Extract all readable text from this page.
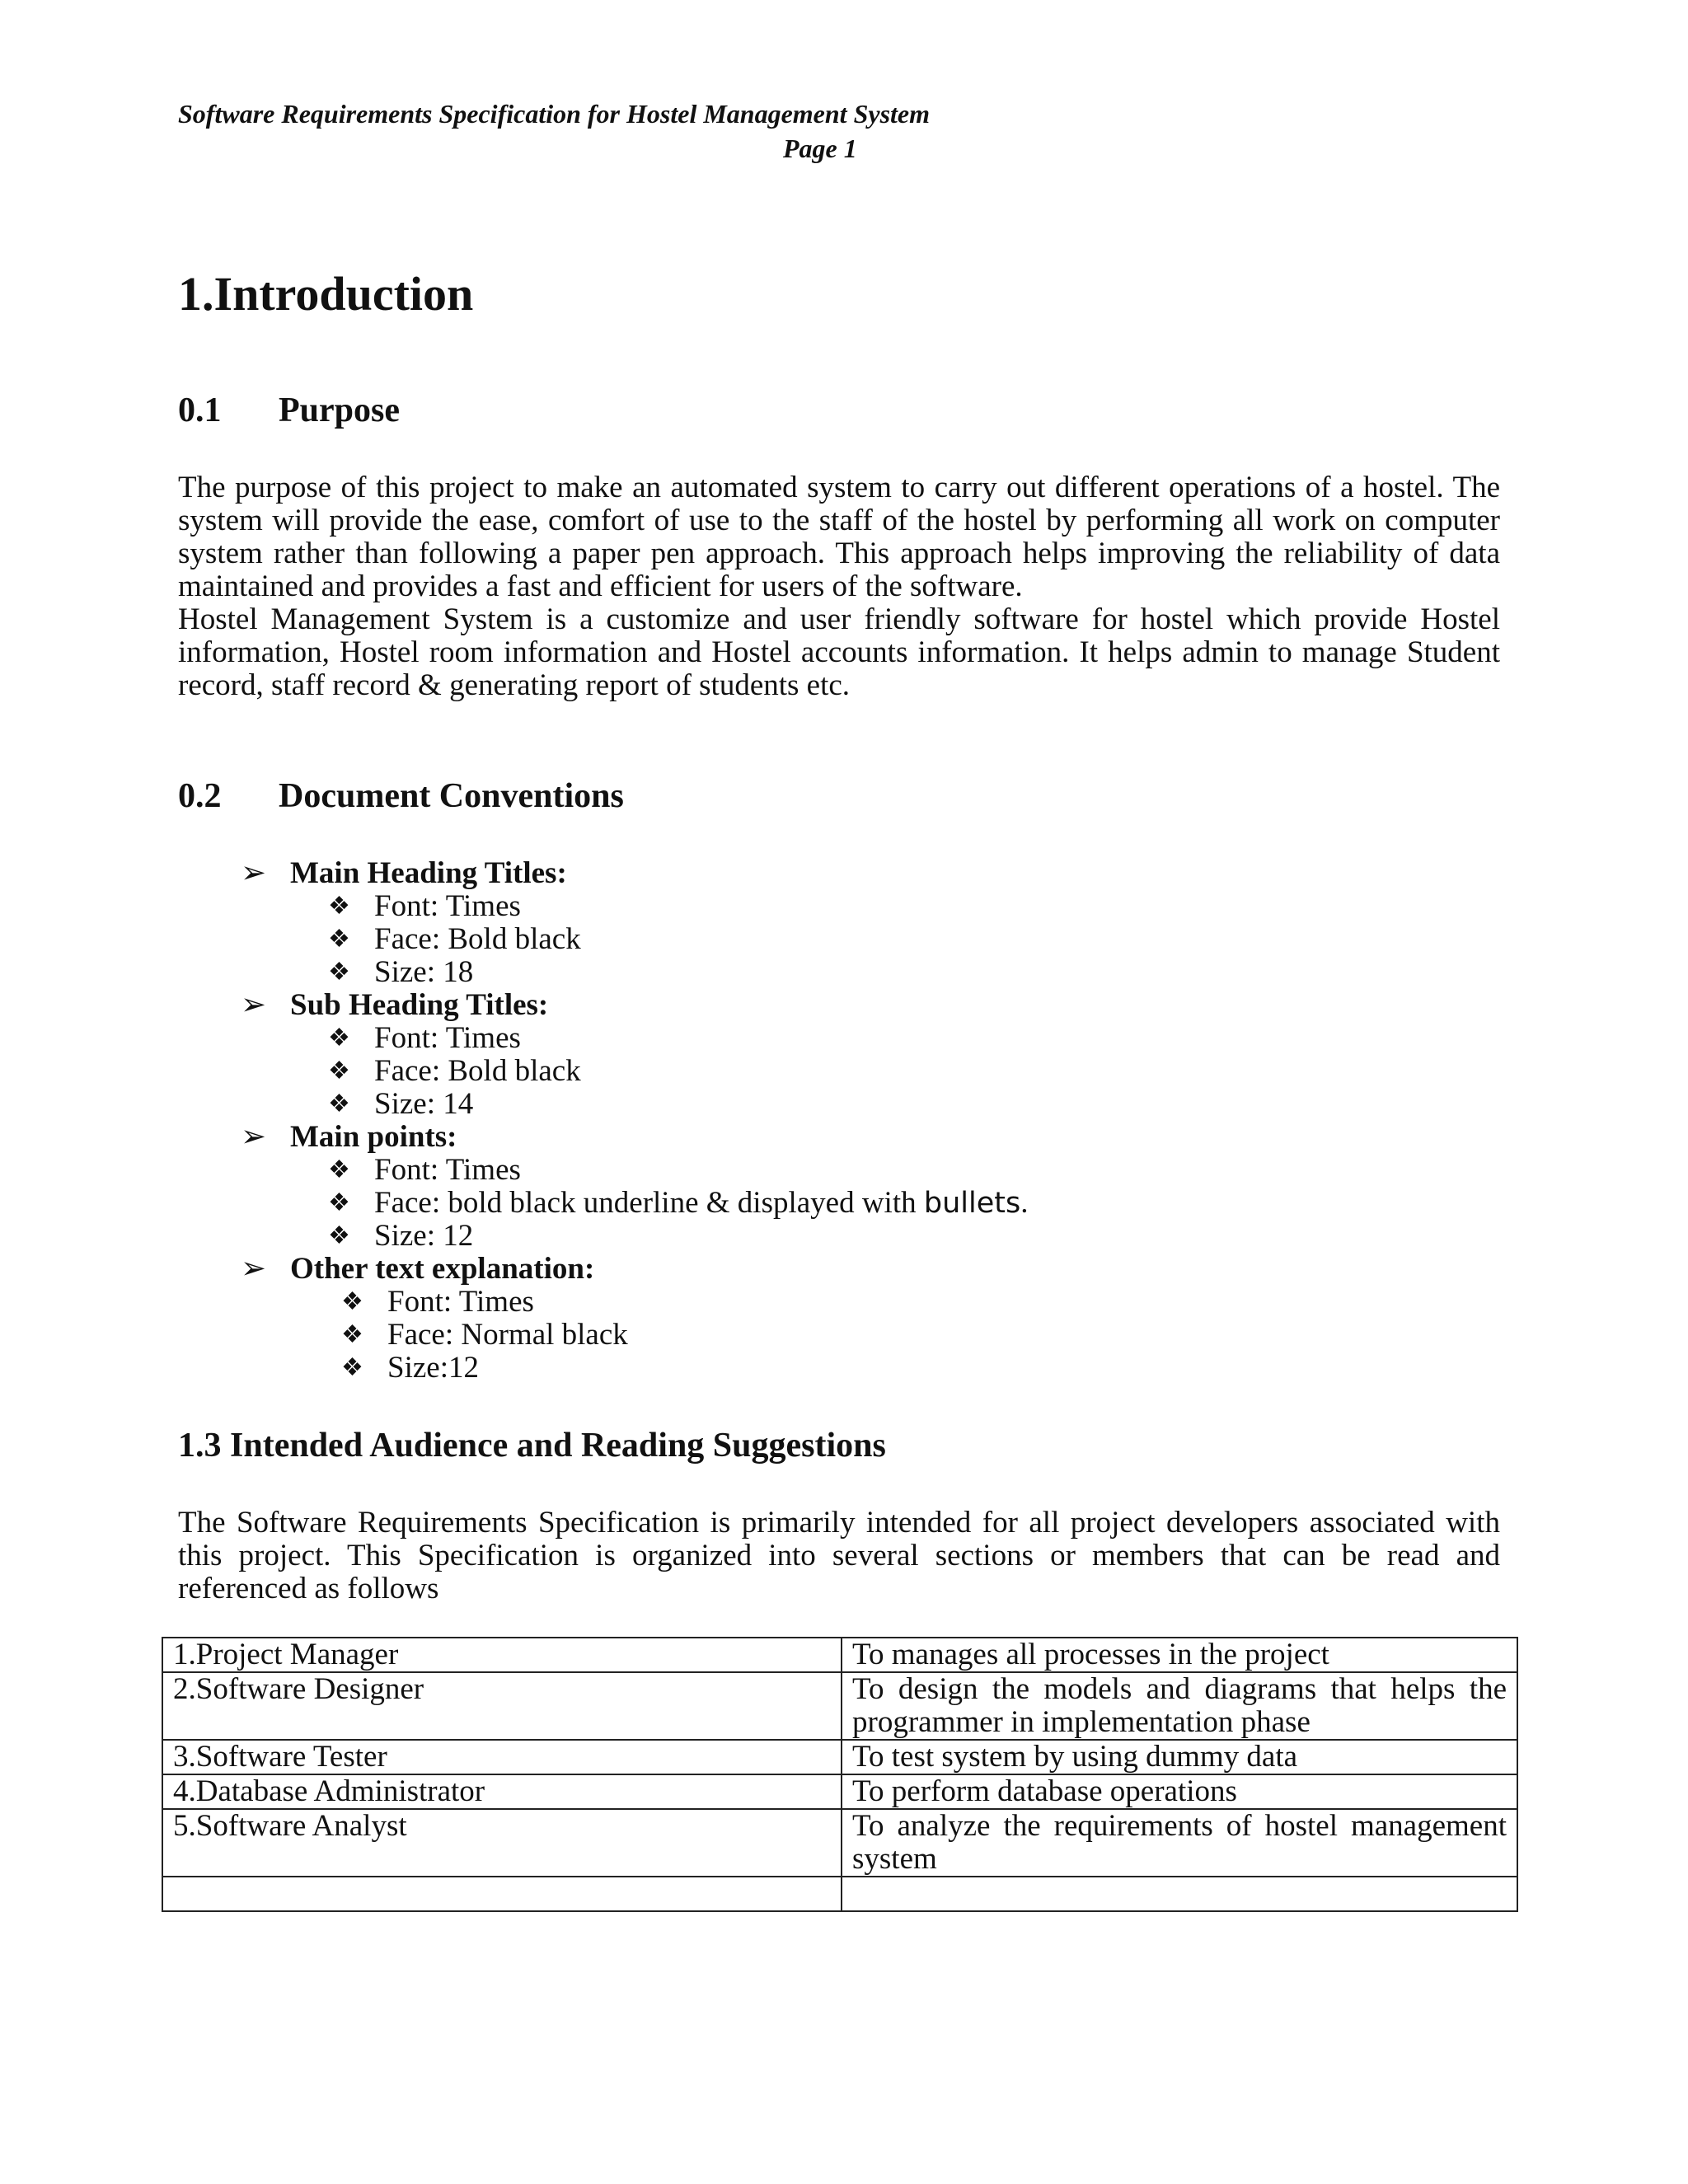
Software Requirements Specification for Hostel Management System
Page 1
1.Introduction
0.1 Purpose

The purpose of this project to make an automated system to carry out different operations of a hostel. The system will provide the ease, comfort of use to the staff of the hostel by performing all work on computer system rather than following a paper pen approach. This approach helps improving the reliability of data maintained and provides a fast and efficient for users of the software.

Hostel Management System is a customize and user friendly software for hostel which provide Hostel information, Hostel room information and Hostel accounts information. It helps admin to manage Student record, staff record & generating report of students etc.

0.2 Document Conventions
➢ Main Heading Titles:
❖ Font: Times
❖ Face: Bold black
❖ Size: 18
➢ Sub Heading Titles:
❖ Font: Times
❖ Face: Bold black
❖ Size: 14
➢ Main points:
❖ Font: Times
❖ Face: bold black underline & displayed with bullets.
❖ Size: 12
➢ Other text explanation:
❖ Font: Times
❖ Face: Normal black
❖ Size:12
1.3 Intended Audience and Reading Suggestions

The Software Requirements Specification is primarily intended for all project developers associated with this project. This Specification is organized into several sections or members that can be read and referenced as follows

1.Project Manager	To manages all processes in the project
2.Software Designer	To design the models and diagrams that helps the programmer in implementation phase
3.Software Tester	To test system by using dummy data
4.Database Administrator	To perform database operations
5.Software Analyst	To analyze the requirements of hostel management system
